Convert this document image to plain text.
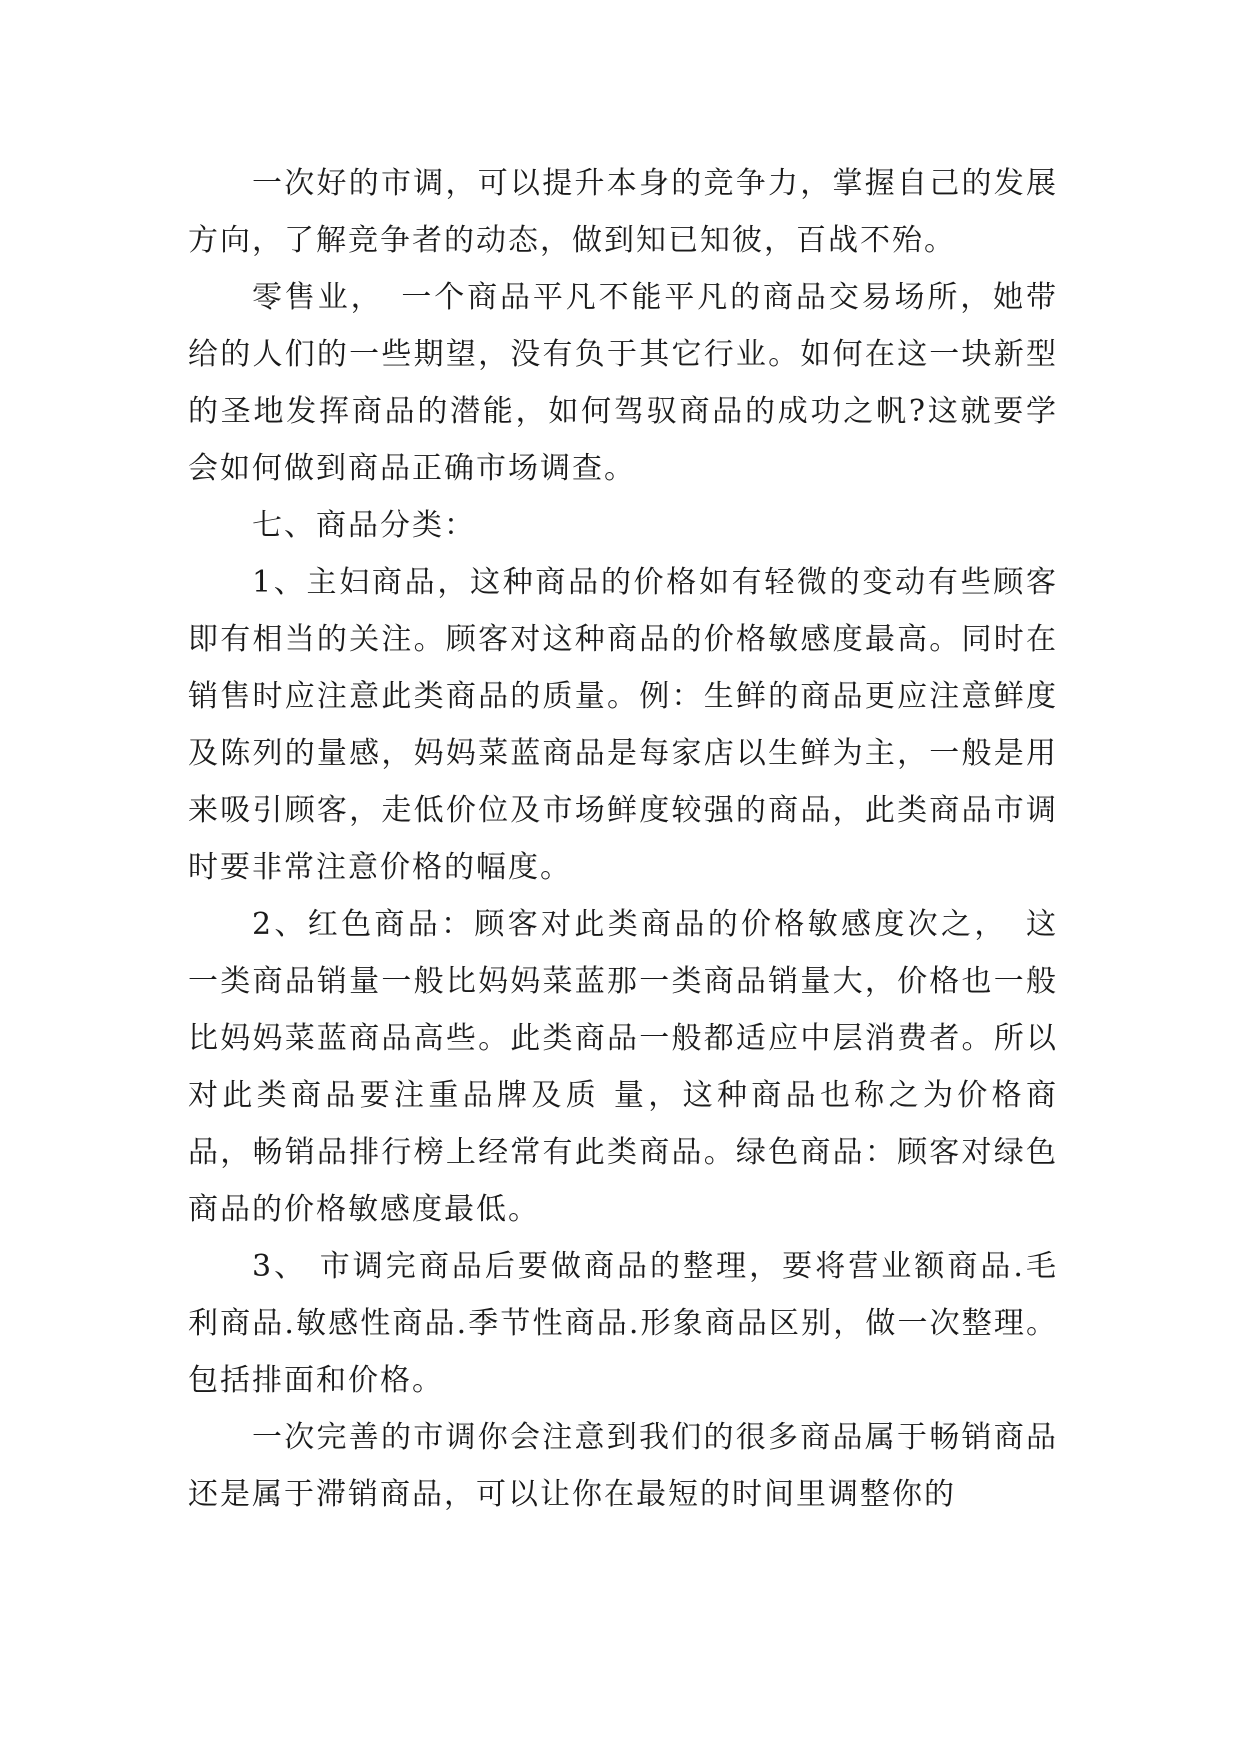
一次好的市调，可以提升本身的竞争力，掌握自己的发展方向，了解竞争者的动态，做到知已知彼，百战不殆。

零售业，　一个商品平凡不能平凡的商品交易场所，她带给的人们的一些期望，没有负于其它行业。如何在这一块新型的圣地发挥商品的潜能，如何驾驭商品的成功之帆?这就要学会如何做到商品正确市场调查。

七、商品分类：

1、主妇商品，这种商品的价格如有轻微的变动有些顾客即有相当的关注。顾客对这种商品的价格敏感度最高。同时在销售时应注意此类商品的质量。例：生鲜的商品更应注意鲜度及陈列的量感，妈妈菜蓝商品是每家店以生鲜为主，一般是用来吸引顾客，走低价位及市场鲜度较强的商品，此类商品市调时要非常注意价格的幅度。

2、红色商品：顾客对此类商品的价格敏感度次之，　这一类商品销量一般比妈妈菜蓝那一类商品销量大，价格也一般比妈妈菜蓝商品高些。此类商品一般都适应中层消费者。所以对此类商品要注重品牌及质 量，这种商品也称之为价格商品，畅销品排行榜上经常有此类商品。绿色商品：顾客对绿色商品的价格敏感度最低。

3、 市调完商品后要做商品的整理，要将营业额商品.毛利商品.敏感性商品.季节性商品.形象商品区别，做一次整理。包括排面和价格。

一次完善的市调你会注意到我们的很多商品属于畅销商品还是属于滞销商品，可以让你在最短的时间里调整你的
